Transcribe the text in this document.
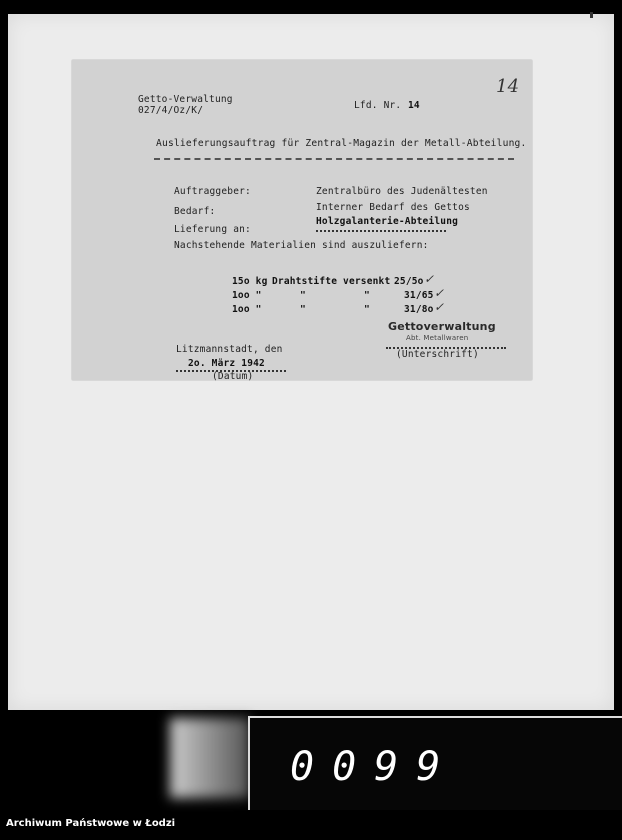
Getto-Verwaltung
027/4/Oz/K/	Lfd. Nr. 14
14
Auslieferungsauftrag für Zentral-Magazin der Metall-Abteilung.
Auftraggeber:	Zentralbüro des Judenältesten
Bedarf:	Interner Bedarf des Gettos
Lieferung an:
Holzgalanterie-Abteilung
Nachstehende Materialien sind auszuliefern:
15o kg Drahtstifte versenkt 25/5o ✓
1oo "	"	"	31/65 ✓
1oo "	"	"	31/8o ✓
Gettoverwaltung
Abt. Metallwaren
(Unterschrift)
Litzmannstadt, den
2o. März 1942
(Datum)
0099
Archiwum Państwowe w Łodzi
